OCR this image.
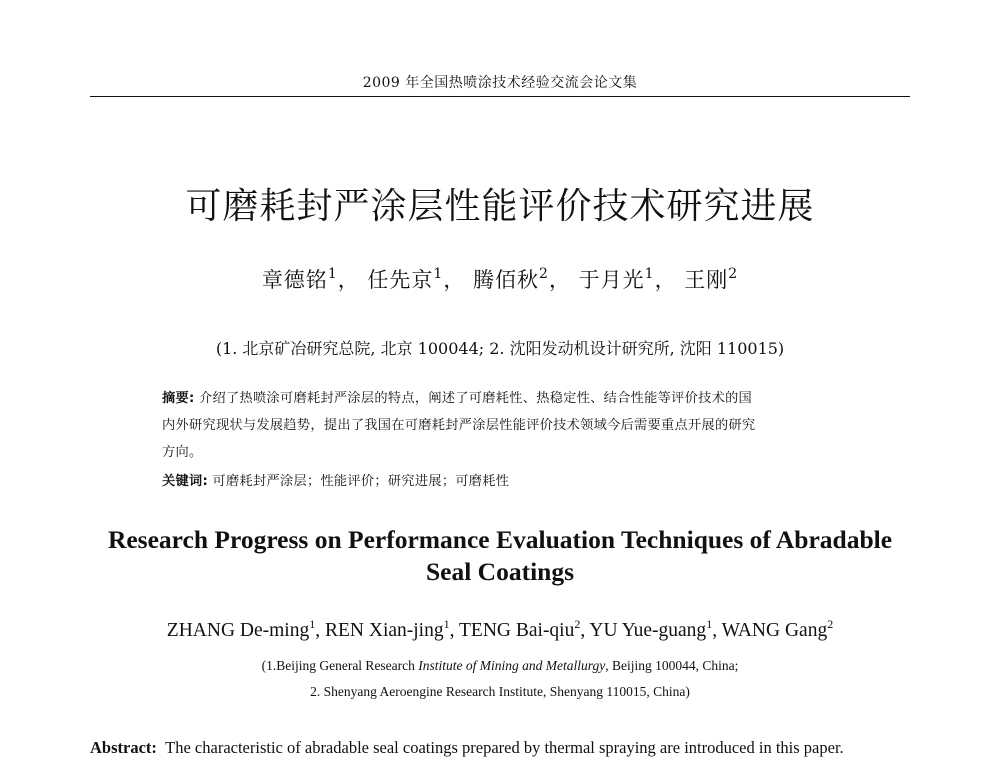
2009 年全国热喷涂技术经验交流会论文集
可磨耗封严涂层性能评价技术研究进展
章德铭$^1$， 任先京$^1$， 腾佰秋$^2$， 于月光$^1$， 王刚$^2$
(1. 北京矿冶研究总院, 北京 100044; 2. 沈阳发动机设计研究所, 沈阳 110015)
摘要: 介绍了热喷涂可磨耗封严涂层的特点，阐述了可磨耗性、热稳定性、结合性能等评价技术的国
内外研究现状与发展趋势，提出了我国在可磨耗封严涂层性能评价技术领域今后需要重点开展的研究
方向。
关键词: 可磨耗封严涂层；性能评价；研究进展；可磨耗性
Research Progress on Performance Evaluation Techniques of Abradable
Seal Coatings
ZHANG De-ming$^1$, REN Xian-jing$^1$, TENG Bai-qiu$^2$, YU Yue-guang$^1$, WANG Gang$^2$
(1.Beijing General Research Institute of Mining and Metallurgy, Beijing 100044, China;
2. Shenyang Aeroengine Research Institute, Shenyang 110015, China)
Abstract: The characteristic of abradable seal coatings prepared by thermal spraying are introduced in this paper.
